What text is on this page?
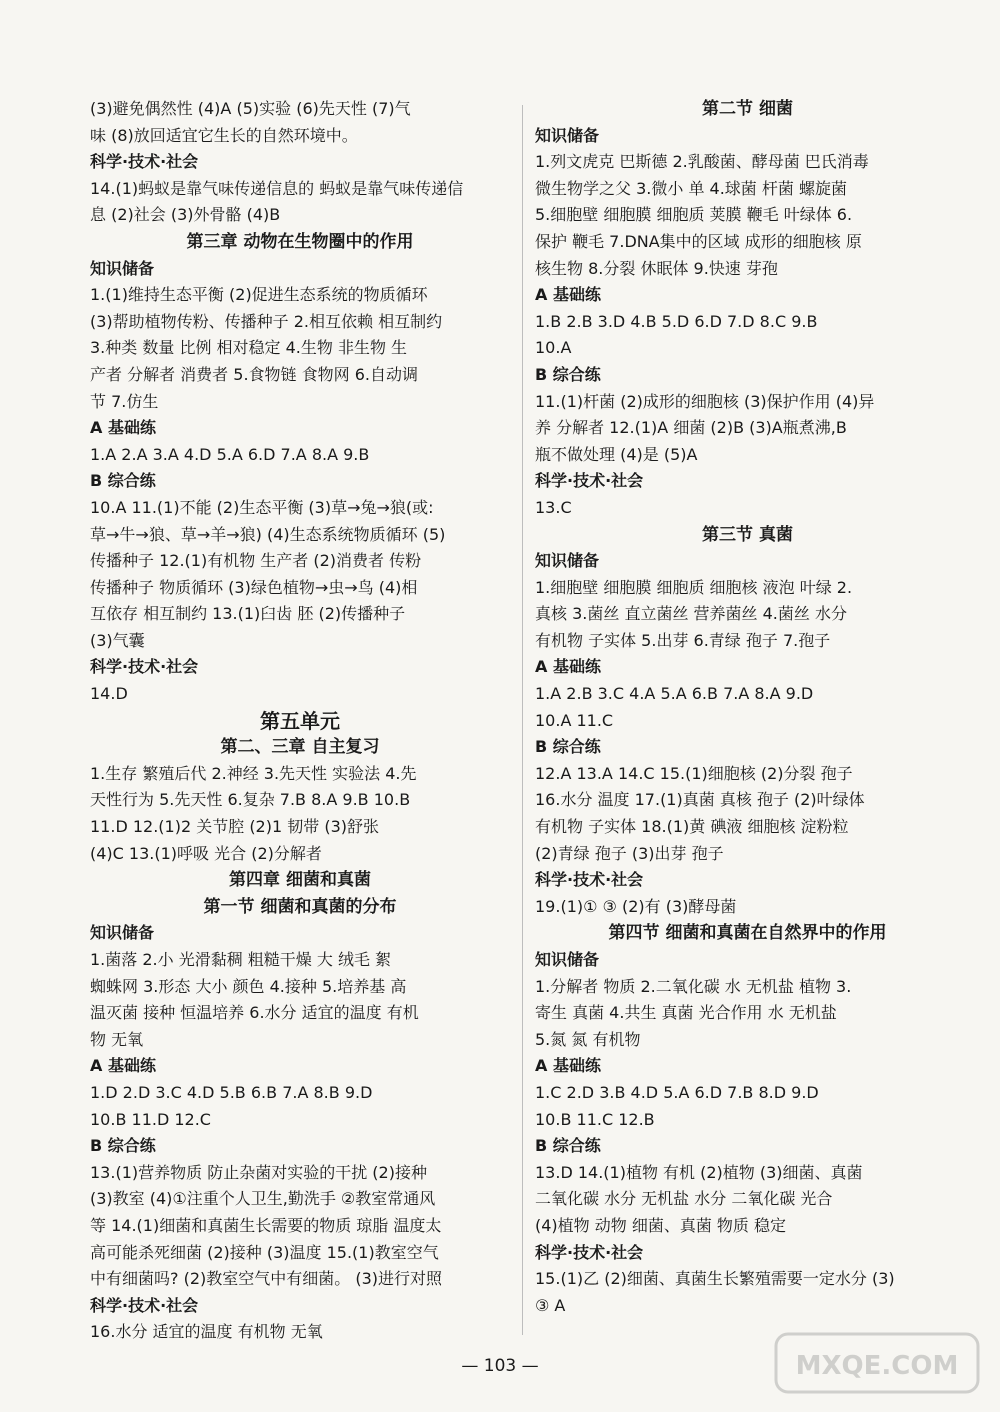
(3)避免偶然性 (4)A (5)实验 (6)先天性 (7)气
味 (8)放回适宜它生长的自然环境中。
科学·技术·社会
14.(1)蚂蚁是靠气味传递信息的 蚂蚁是靠气味传递信
息 (2)社会 (3)外骨骼 (4)B
第三章 动物在生物圈中的作用
知识储备
1.(1)维持生态平衡 (2)促进生态系统的物质循环
(3)帮助植物传粉、传播种子 2.相互依赖 相互制约
3.种类 数量 比例 相对稳定 4.生物 非生物 生
产者 分解者 消费者 5.食物链 食物网 6.自动调
节 7.仿生
A 基础练
1.A 2.A 3.A 4.D 5.A 6.D 7.A 8.A 9.B
B 综合练
10.A 11.(1)不能 (2)生态平衡 (3)草→兔→狼(或:
草→牛→狼、草→羊→狼) (4)生态系统物质循环 (5)
传播种子 12.(1)有机物 生产者 (2)消费者 传粉
传播种子 物质循环 (3)绿色植物→虫→鸟 (4)相
互依存 相互制约 13.(1)臼齿 胚 (2)传播种子
(3)气囊
科学·技术·社会
14.D
第五单元
第二、三章 自主复习
1.生存 繁殖后代 2.神经 3.先天性 实验法 4.先
天性行为 5.先天性 6.复杂 7.B 8.A 9.B 10.B
11.D 12.(1)2 关节腔 (2)1 韧带 (3)舒张
(4)C 13.(1)呼吸 光合 (2)分解者
第四章 细菌和真菌
第一节 细菌和真菌的分布
知识储备
1.菌落 2.小 光滑黏稠 粗糙干燥 大 绒毛 絮
蜘蛛网 3.形态 大小 颜色 4.接种 5.培养基 高
温灭菌 接种 恒温培养 6.水分 适宜的温度 有机
物 无氧
A 基础练
1.D 2.D 3.C 4.D 5.B 6.B 7.A 8.B 9.D
10.B 11.D 12.C
B 综合练
13.(1)营养物质 防止杂菌对实验的干扰 (2)接种
(3)教室 (4)①注重个人卫生,勤洗手 ②教室常通风
等 14.(1)细菌和真菌生长需要的物质 琼脂 温度太
高可能杀死细菌 (2)接种 (3)温度 15.(1)教室空气
中有细菌吗? (2)教室空气中有细菌。 (3)进行对照
科学·技术·社会
16.水分 适宜的温度 有机物 无氧
第二节 细菌
知识储备
1.列文虎克 巴斯德 2.乳酸菌、酵母菌 巴氏消毒
微生物学之父 3.微小 单 4.球菌 杆菌 螺旋菌
5.细胞壁 细胞膜 细胞质 荚膜 鞭毛 叶绿体 6.
保护 鞭毛 7.DNA集中的区域 成形的细胞核 原
核生物 8.分裂 休眠体 9.快速 芽孢
A 基础练
1.B 2.B 3.D 4.B 5.D 6.D 7.D 8.C 9.B
10.A
B 综合练
11.(1)杆菌 (2)成形的细胞核 (3)保护作用 (4)异
养 分解者 12.(1)A 细菌 (2)B (3)A瓶煮沸,B
瓶不做处理 (4)是 (5)A
科学·技术·社会
13.C
第三节 真菌
知识储备
1.细胞壁 细胞膜 细胞质 细胞核 液泡 叶绿 2.
真核 3.菌丝 直立菌丝 营养菌丝 4.菌丝 水分
有机物 子实体 5.出芽 6.青绿 孢子 7.孢子
A 基础练
1.A 2.B 3.C 4.A 5.A 6.B 7.A 8.A 9.D
10.A 11.C
B 综合练
12.A 13.A 14.C 15.(1)细胞核 (2)分裂 孢子
16.水分 温度 17.(1)真菌 真核 孢子 (2)叶绿体
有机物 子实体 18.(1)黄 碘液 细胞核 淀粉粒
(2)青绿 孢子 (3)出芽 孢子
科学·技术·社会
19.(1)① ③ (2)有 (3)酵母菌
第四节 细菌和真菌在自然界中的作用
知识储备
1.分解者 物质 2.二氧化碳 水 无机盐 植物 3.
寄生 真菌 4.共生 真菌 光合作用 水 无机盐
5.氮 氮 有机物
A 基础练
1.C 2.D 3.B 4.D 5.A 6.D 7.B 8.D 9.D
10.B 11.C 12.B
B 综合练
13.D 14.(1)植物 有机 (2)植物 (3)细菌、真菌
二氧化碳 水分 无机盐 水分 二氧化碳 光合
(4)植物 动物 细菌、真菌 物质 稳定
科学·技术·社会
15.(1)乙 (2)细菌、真菌生长繁殖需要一定水分 (3)
③ A
— 103 —	MXQE.COM
